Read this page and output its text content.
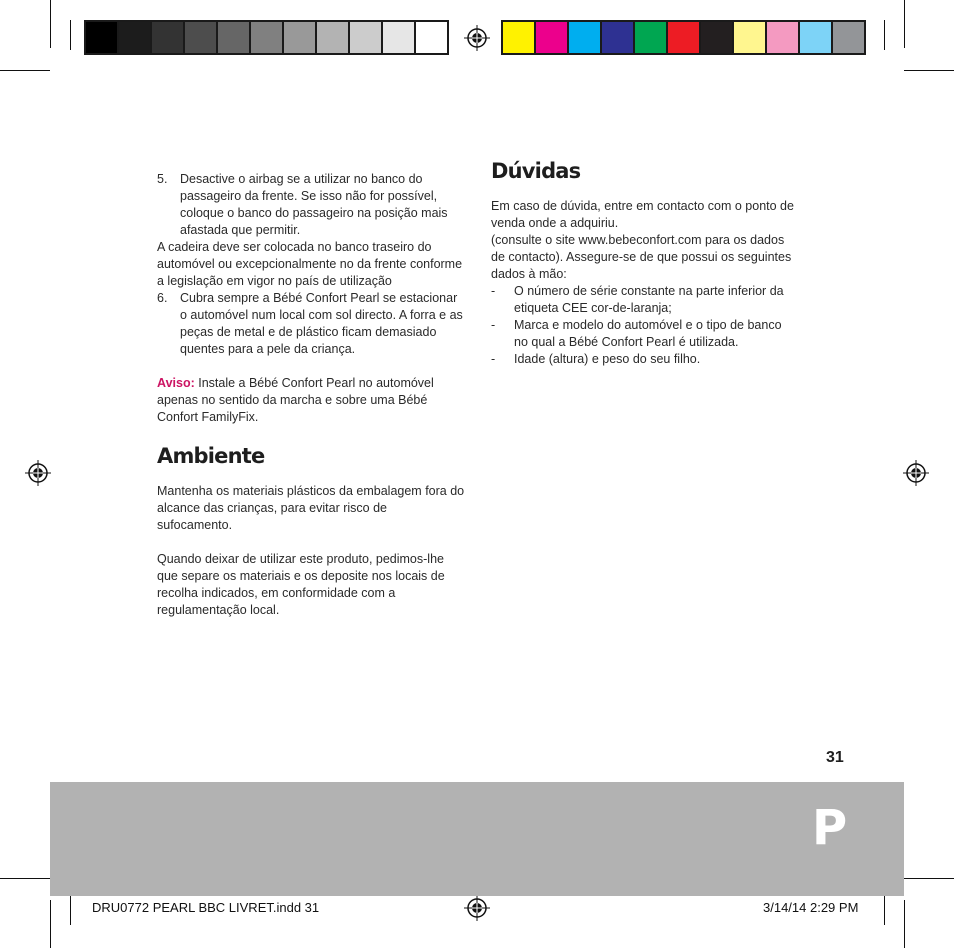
5.	Desactive o airbag se a utilizar no banco do passageiro da frente. Se isso não for possível, coloque o banco do passageiro na posição mais afastada que permitir.

A cadeira deve ser colocada no banco traseiro do automóvel ou excepcionalmente no da frente conforme a legislação em vigor no país de utilização

6.	Cubra sempre a Bébé Confort Pearl se estacionar o automóvel num local com sol directo. A forra e as peças de metal e de plástico ficam demasiado quentes para a pele da criança.

Aviso: Instale a Bébé Confort Pearl no automóvel apenas no sentido da marcha e sobre uma Bébé Confort FamilyFix.

Ambiente

Mantenha os materiais plásticos da embalagem fora do alcance das crianças, para evitar risco de sufocamento.

Quando deixar de utilizar este produto, pedimos-lhe que separe os materiais e os deposite nos locais de recolha indicados, em conformidade com a regulamentação local.

Dúvidas

Em caso de dúvida, entre em contacto com o ponto de venda onde a adquiriu.

(consulte o site www.bebeconfort.com para os dados de contacto). Assegure-se de que possui os seguintes dados à mão:

-	O número de série constante na parte inferior da etiqueta CEE cor-de-laranja;
-	Marca e modelo do automóvel e o tipo de banco no qual a Bébé Confort Pearl é utilizada.
-	Idade (altura) e peso do seu filho.
31
P
DRU0772 PEARL BBC LIVRET.indd 31	3/14/14 2:29 PM
